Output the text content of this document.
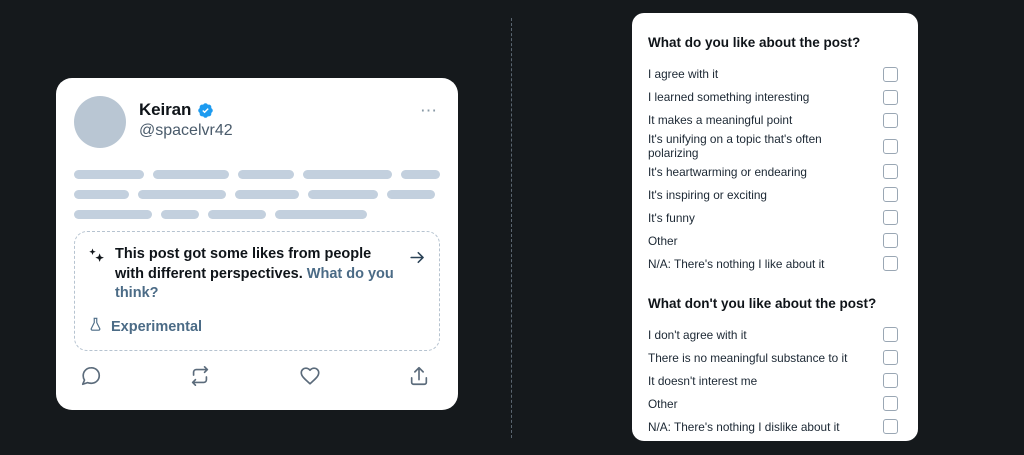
Keiran
@spacelvr42
⋯
This post got some likes from people with different perspectives. What do you think?
Experimental
What do you like about the post?
I agree with it
I learned something interesting
It makes a meaningful point
It's unifying on a topic that's often polarizing
It's heartwarming or endearing
It's inspiring or exciting
It's funny
Other
N/A: There's nothing I like about it
What don't you like about the post?
I don't agree with it
There is no meaningful substance to it
It doesn't interest me
Other
N/A: There's nothing I dislike about it
